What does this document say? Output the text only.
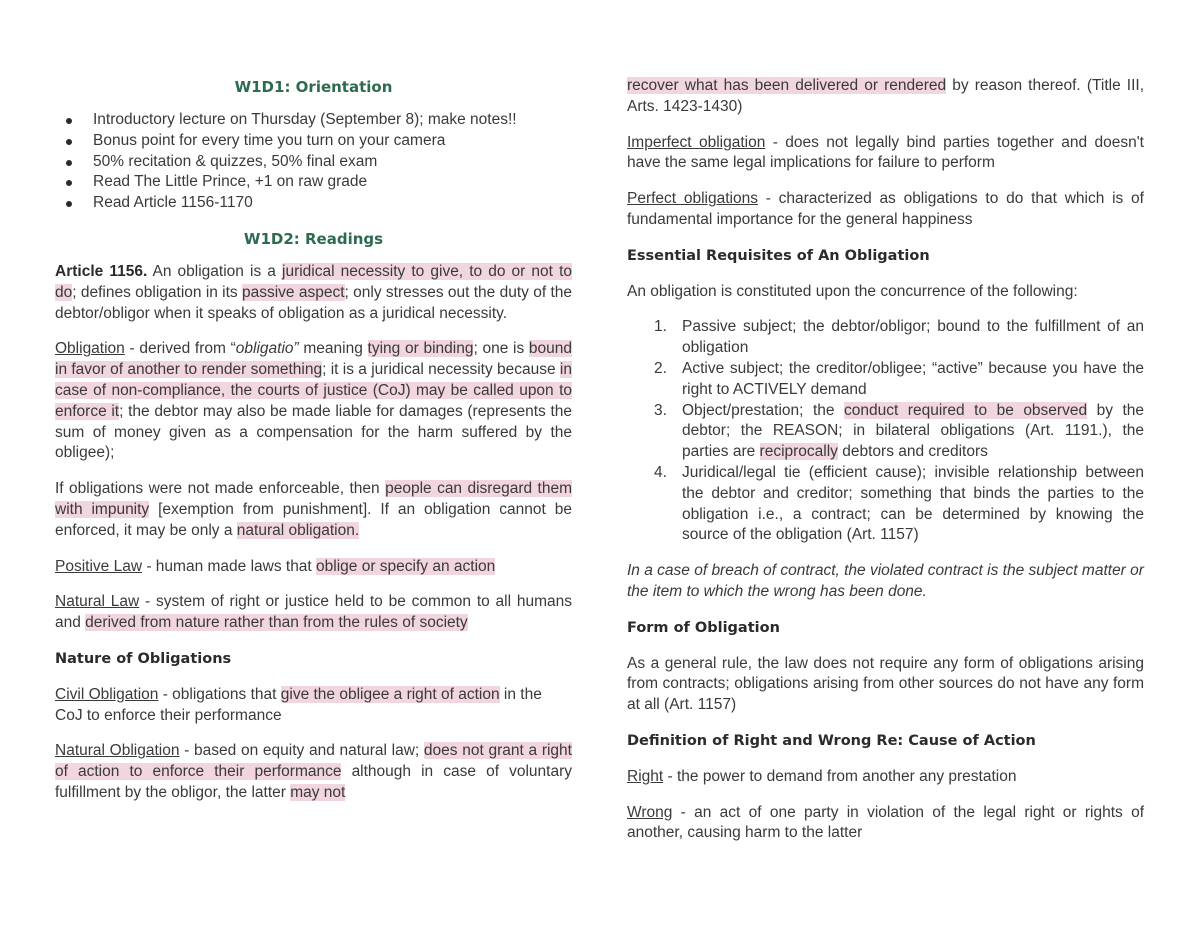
W1D1: Orientation
Introductory lecture on Thursday (September 8); make notes!!
Bonus point for every time you turn on your camera
50% recitation & quizzes, 50% final exam
Read The Little Prince, +1 on raw grade
Read Article 1156-1170
W1D2: Readings

Article 1156. An obligation is a juridical necessity to give, to do or not to do; defines obligation in its passive aspect; only stresses out the duty of the debtor/obligor when it speaks of obligation as a juridical necessity.

Obligation - derived from “obligatio” meaning tying or binding; one is bound in favor of another to render something; it is a juridical necessity because in case of non-compliance, the courts of justice (CoJ) may be called upon to enforce it; the debtor may also be made liable for damages (represents the sum of money given as a compensation for the harm suffered by the obligee);

If obligations were not made enforceable, then people can disregard them with impunity [exemption from punishment]. If an obligation cannot be enforced, it may be only a natural obligation.

Positive Law - human made laws that oblige or specify an action

Natural Law - system of right or justice held to be common to all humans and derived from nature rather than from the rules of society

Nature of Obligations

Civil Obligation - obligations that give the obligee a right of action in the CoJ to enforce their performance

Natural Obligation - based on equity and natural law; does not grant a right of action to enforce their performance although in case of voluntary fulfillment by the obligor, the latter may not

recover what has been delivered or rendered by reason thereof. (Title III, Arts. 1423-1430)

Imperfect obligation - does not legally bind parties together and doesn't have the same legal implications for failure to perform

Perfect obligations - characterized as obligations to do that which is of fundamental importance for the general happiness

Essential Requisites of An Obligation

An obligation is constituted upon the concurrence of the following:

1. Passive subject; the debtor/obligor; bound to the fulfillment of an obligation
2. Active subject; the creditor/obligee; “active” because you have the right to ACTIVELY demand
3. Object/prestation; the conduct required to be observed by the debtor; the REASON; in bilateral obligations (Art. 1191.), the parties are reciprocally debtors and creditors
4. Juridical/legal tie (efficient cause); invisible relationship between the debtor and creditor; something that binds the parties to the obligation i.e., a contract; can be determined by knowing the source of the obligation (Art. 1157)

In a case of breach of contract, the violated contract is the subject matter or the item to which the wrong has been done.

Form of Obligation

As a general rule, the law does not require any form of obligations arising from contracts; obligations arising from other sources do not have any form at all (Art. 1157)

Definition of Right and Wrong Re: Cause of Action

Right - the power to demand from another any prestation

Wrong - an act of one party in violation of the legal right or rights of another, causing harm to the latter
